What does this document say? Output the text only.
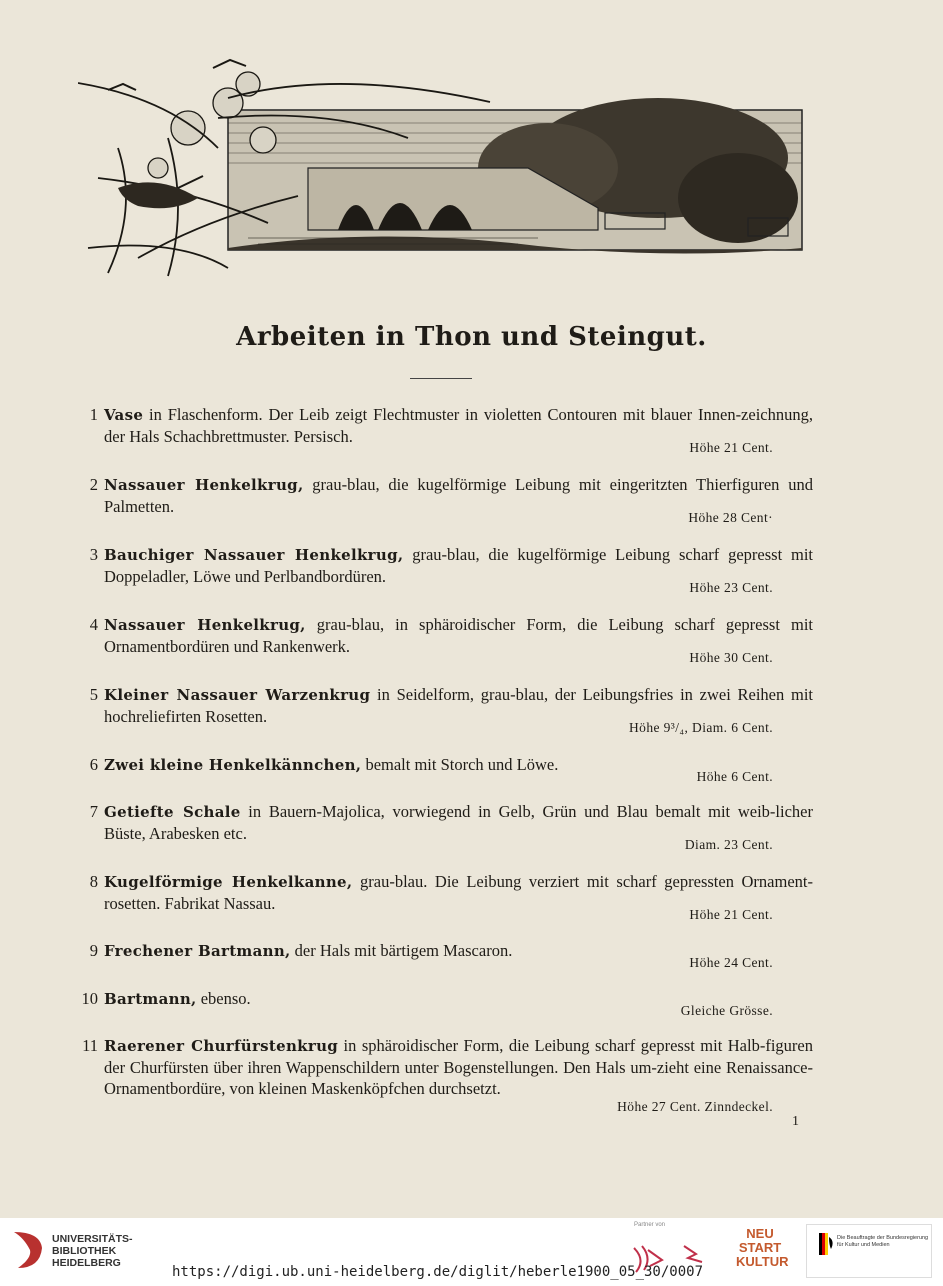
Arbeiten in Thon und Steingut.
1 Vase in Flaschenform. Der Leib zeigt Flechtmuster in violetten Contouren mit blauer Innen-zeichnung, der Hals Schachbrettmuster. Persisch.
Höhe 21 Cent.
2 Nassauer Henkelkrug, grau-blau, die kugelförmige Leibung mit eingeritzten Thierfiguren und Palmetten.
Höhe 28 Cent·
3 Bauchiger Nassauer Henkelkrug, grau-blau, die kugelförmige Leibung scharf gepresst mit Doppeladler, Löwe und Perlbandbordüren.
Höhe 23 Cent.
4 Nassauer Henkelkrug, grau-blau, in sphäroidischer Form, die Leibung scharf gepresst mit Ornamentbordüren und Rankenwerk.
Höhe 30 Cent.
5 Kleiner Nassauer Warzenkrug in Seidelform, grau-blau, der Leibungsfries in zwei Reihen mit hochreliefirten Rosetten.
Höhe 9³/₄, Diam. 6 Cent.
6 Zwei kleine Henkelkännchen, bemalt mit Storch und Löwe.
Höhe 6 Cent.
7 Getiefte Schale in Bauern-Majolica, vorwiegend in Gelb, Grün und Blau bemalt mit weib-licher Büste, Arabesken etc.
Diam. 23 Cent.
8 Kugelförmige Henkelkanne, grau-blau. Die Leibung verziert mit scharf gepressten Ornament-rosetten. Fabrikat Nassau.
Höhe 21 Cent.
9 Frechener Bartmann, der Hals mit bärtigem Mascaron.
Höhe 24 Cent.
10 Bartmann, ebenso.
Gleiche Grösse.
11 Raerener Churfürstenkrug in sphäroidischer Form, die Leibung scharf gepresst mit Halb-figuren der Churfürsten über ihren Wappenschildern unter Bogenstellungen. Den Hals um-zieht eine Renaissance-Ornamentbordüre, von kleinen Maskenköpfchen durchsetzt.
Höhe 27 Cent. Zinndeckel.
1
UNIVERSITÄTS-
BIBLIOTHEK
HEIDELBERG
Partner von
NEU
START
KULTUR
Die Beauftragte der Bundesregierung
für Kultur und Medien
https://digi.ub.uni-heidelberg.de/diglit/heberle1900_05_30/0007
